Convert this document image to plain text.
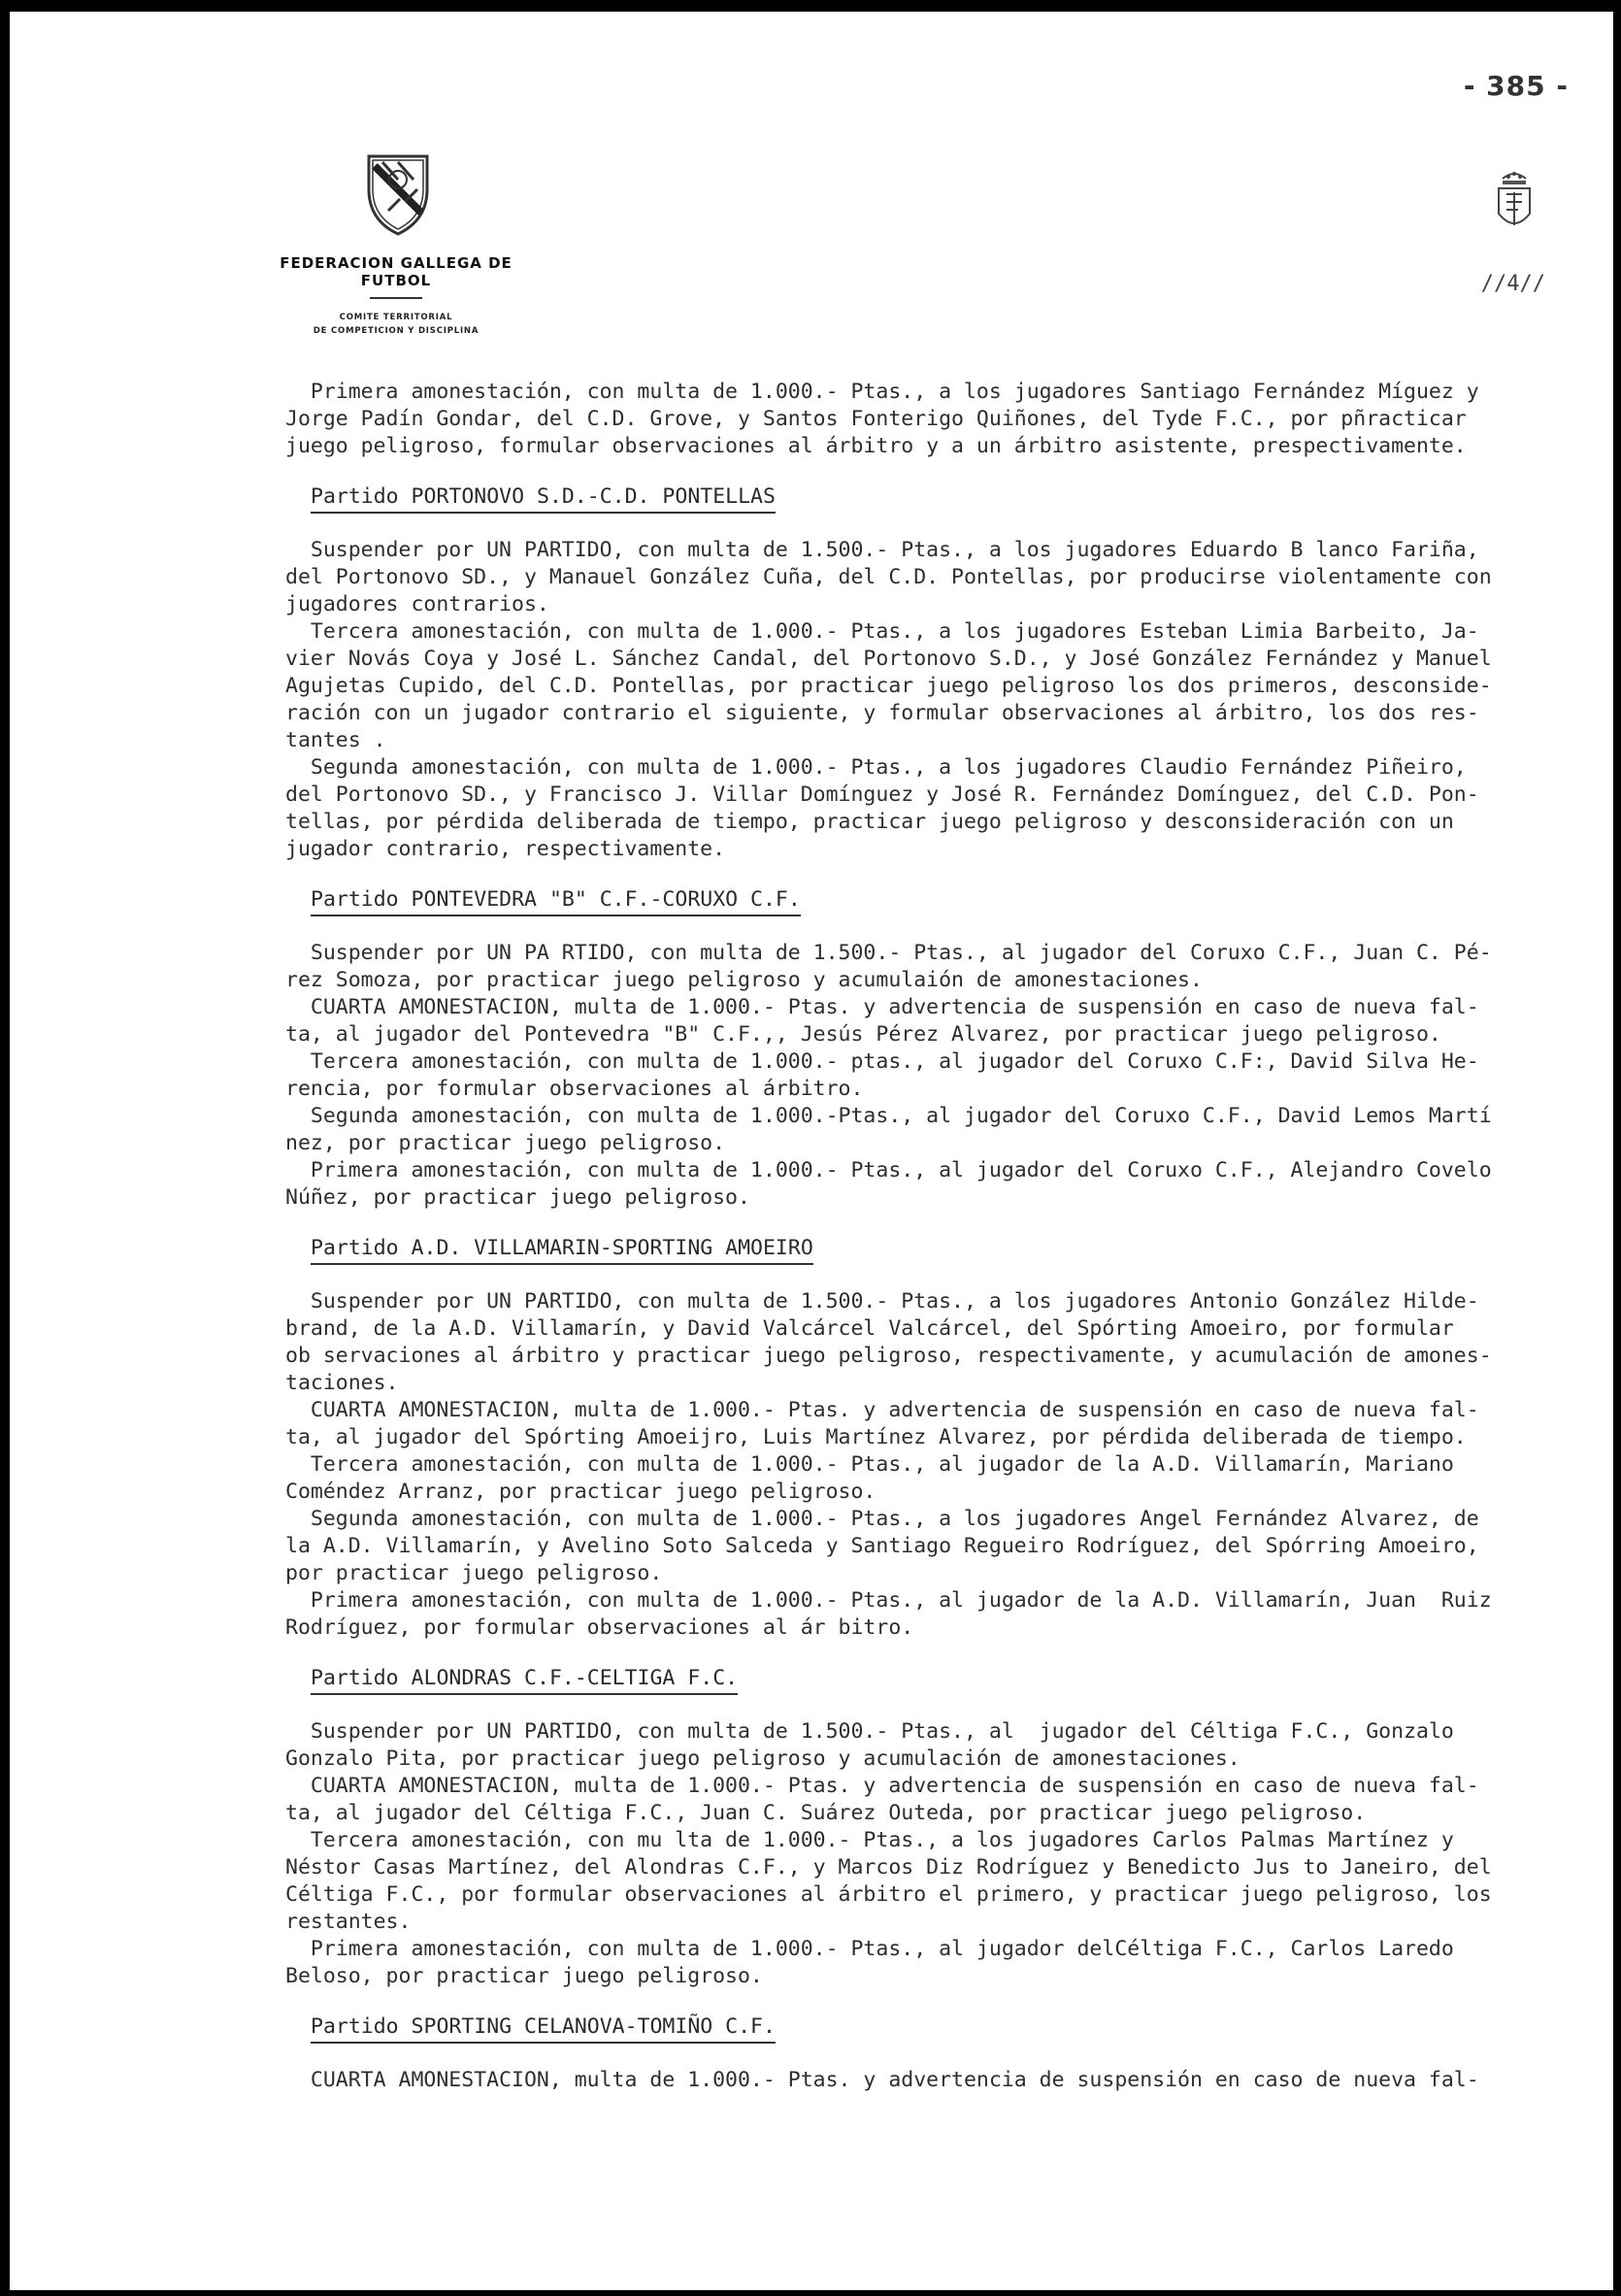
- 385 -
//4//
FEDERACION GALLEGA DE FUTBOL
COMITE TERRITORIAL
DE COMPETICION Y DISCIPLINA

Primera amonestación, con multa de 1.000.- Ptas., a los jugadores Santiago Fernández Míguez y
Jorge Padín Gondar, del C.D. Grove, y Santos Fonterigo Quiñones, del Tyde F.C., por pñracticar
juego peligroso, formular observaciones al árbitro y a un árbitro asistente, prespectivamente.

Partido PORTONOVO S.D.-C.D. PONTELLAS

Suspender por UN PARTIDO, con multa de 1.500.- Ptas., a los jugadores Eduardo B lanco Fariña,
del Portonovo SD., y Manauel González Cuña, del C.D. Pontellas, por producirse violentamente con
jugadores contrarios.
Tercera amonestación, con multa de 1.000.- Ptas., a los jugadores Esteban Limia Barbeito, Ja-
vier Novás Coya y José L. Sánchez Candal, del Portonovo S.D., y José González Fernández y Manuel
Agujetas Cupido, del C.D. Pontellas, por practicar juego peligroso los dos primeros, desconside-
ración con un jugador contrario el siguiente, y formular observaciones al árbitro, los dos res-
tantes .
Segunda amonestación, con multa de 1.000.- Ptas., a los jugadores Claudio Fernández Piñeiro,
del Portonovo SD., y Francisco J. Villar Domínguez y José R. Fernández Domínguez, del C.D. Pon-
tellas, por pérdida deliberada de tiempo, practicar juego peligroso y desconsideración con un
jugador contrario, respectivamente.

Partido PONTEVEDRA "B" C.F.-CORUXO C.F.

Suspender por UN PA RTIDO, con multa de 1.500.- Ptas., al jugador del Coruxo C.F., Juan C. Pé-
rez Somoza, por practicar juego peligroso y acumulaión de amonestaciones.
CUARTA AMONESTACION, multa de 1.000.- Ptas. y advertencia de suspensión en caso de nueva fal-
ta, al jugador del Pontevedra "B" C.F.,, Jesús Pérez Alvarez, por practicar juego peligroso.
Tercera amonestación, con multa de 1.000.- ptas., al jugador del Coruxo C.F:, David Silva He-
rencia, por formular observaciones al árbitro.
Segunda amonestación, con multa de 1.000.-Ptas., al jugador del Coruxo C.F., David Lemos Martí
nez, por practicar juego peligroso.
Primera amonestación, con multa de 1.000.- Ptas., al jugador del Coruxo C.F., Alejandro Covelo
Núñez, por practicar juego peligroso.

Partido A.D. VILLAMARIN-SPORTING AMOEIRO

Suspender por UN PARTIDO, con multa de 1.500.- Ptas., a los jugadores Antonio González Hilde-
brand, de la A.D. Villamarín, y David Valcárcel Valcárcel, del Spórting Amoeiro, por formular
ob servaciones al árbitro y practicar juego peligroso, respectivamente, y acumulación de amones-
taciones.
CUARTA AMONESTACION, multa de 1.000.- Ptas. y advertencia de suspensión en caso de nueva fal-
ta, al jugador del Spórting Amoeijro, Luis Martínez Alvarez, por pérdida deliberada de tiempo.
Tercera amonestación, con multa de 1.000.- Ptas., al jugador de la A.D. Villamarín, Mariano
Coméndez Arranz, por practicar juego peligroso.
Segunda amonestación, con multa de 1.000.- Ptas., a los jugadores Angel Fernández Alvarez, de
la A.D. Villamarín, y Avelino Soto Salceda y Santiago Regueiro Rodríguez, del Spórring Amoeiro,
por practicar juego peligroso.
Primera amonestación, con multa de 1.000.- Ptas., al jugador de la A.D. Villamarín, Juan  Ruiz
Rodríguez, por formular observaciones al ár bitro.

Partido ALONDRAS C.F.-CELTIGA F.C.

Suspender por UN PARTIDO, con multa de 1.500.- Ptas., al  jugador del Céltiga F.C., Gonzalo
Gonzalo Pita, por practicar juego peligroso y acumulación de amonestaciones.
CUARTA AMONESTACION, multa de 1.000.- Ptas. y advertencia de suspensión en caso de nueva fal-
ta, al jugador del Céltiga F.C., Juan C. Suárez Outeda, por practicar juego peligroso.
Tercera amonestación, con mu lta de 1.000.- Ptas., a los jugadores Carlos Palmas Martínez y
Néstor Casas Martínez, del Alondras C.F., y Marcos Diz Rodríguez y Benedicto Jus to Janeiro, del
Céltiga F.C., por formular observaciones al árbitro el primero, y practicar juego peligroso, los
restantes.
Primera amonestación, con multa de 1.000.- Ptas., al jugador delCéltiga F.C., Carlos Laredo
Beloso, por practicar juego peligroso.

Partido SPORTING CELANOVA-TOMIÑO C.F.

CUARTA AMONESTACION, multa de 1.000.- Ptas. y advertencia de suspensión en caso de nueva fal-
